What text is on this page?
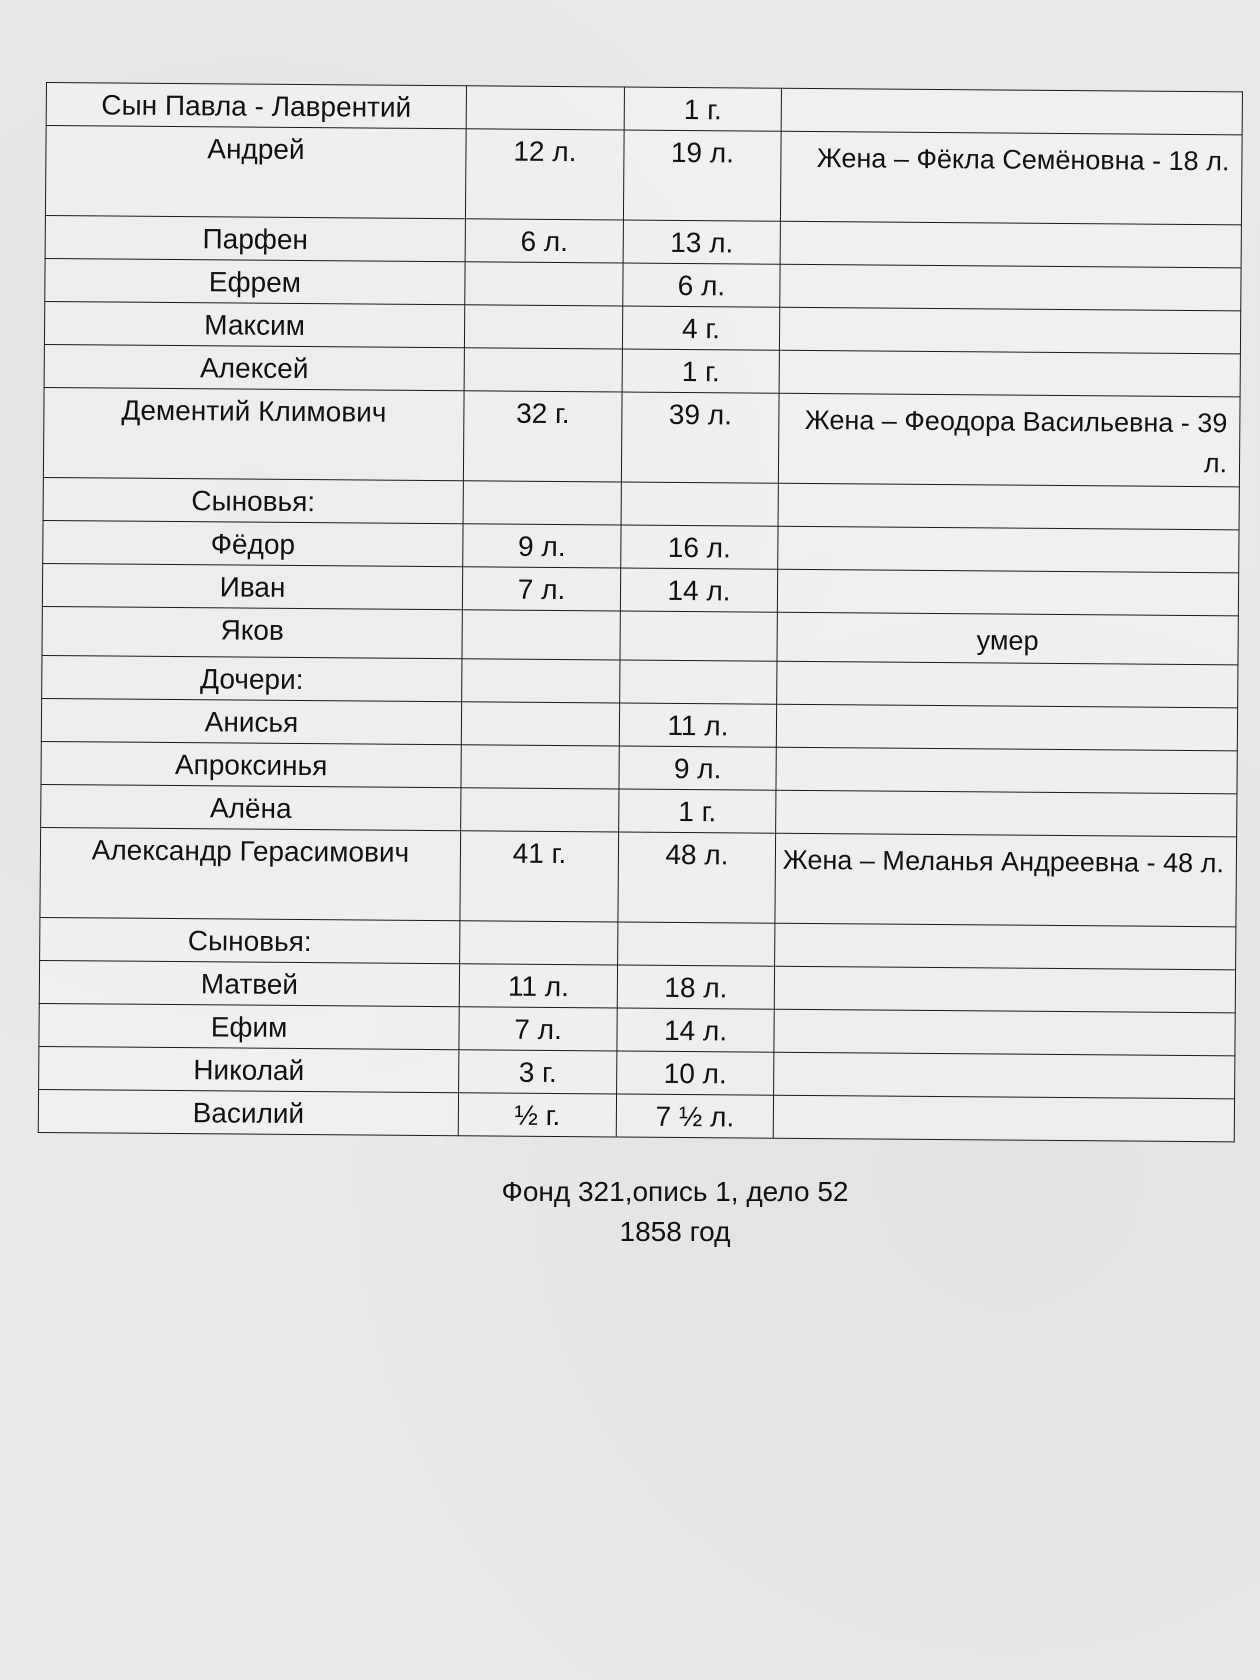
Сын Павла - Лаврентий		1 г.	
Андрей	12 л.	19 л.	Жена – Фёкла Семёновна - 18 л.
Парфен	6 л.	13 л.	
Ефрем		6 л.	
Максим		4 г.	
Алексей		1 г.	
Дементий Климович	32 г.	39 л.	Жена – Феодора Васильевна - 39 л.
Сыновья:			
Фёдор	9 л.	16 л.	
Иван	7 л.	14 л.	
Яков			умер
Дочери:			
Анисья		11 л.	
Апроксинья		9 л.	
Алёна		1 г.	
Александр Герасимович	41 г.	48 л.	Жена – Меланья Андреевна - 48 л.
Сыновья:			
Матвей	11 л.	18 л.	
Ефим	7 л.	14 л.	
Николай	3 г.	10 л.	
Василий	½ г.	7 ½ л.	
Фонд 321,опись 1, дело 52
1858 год
